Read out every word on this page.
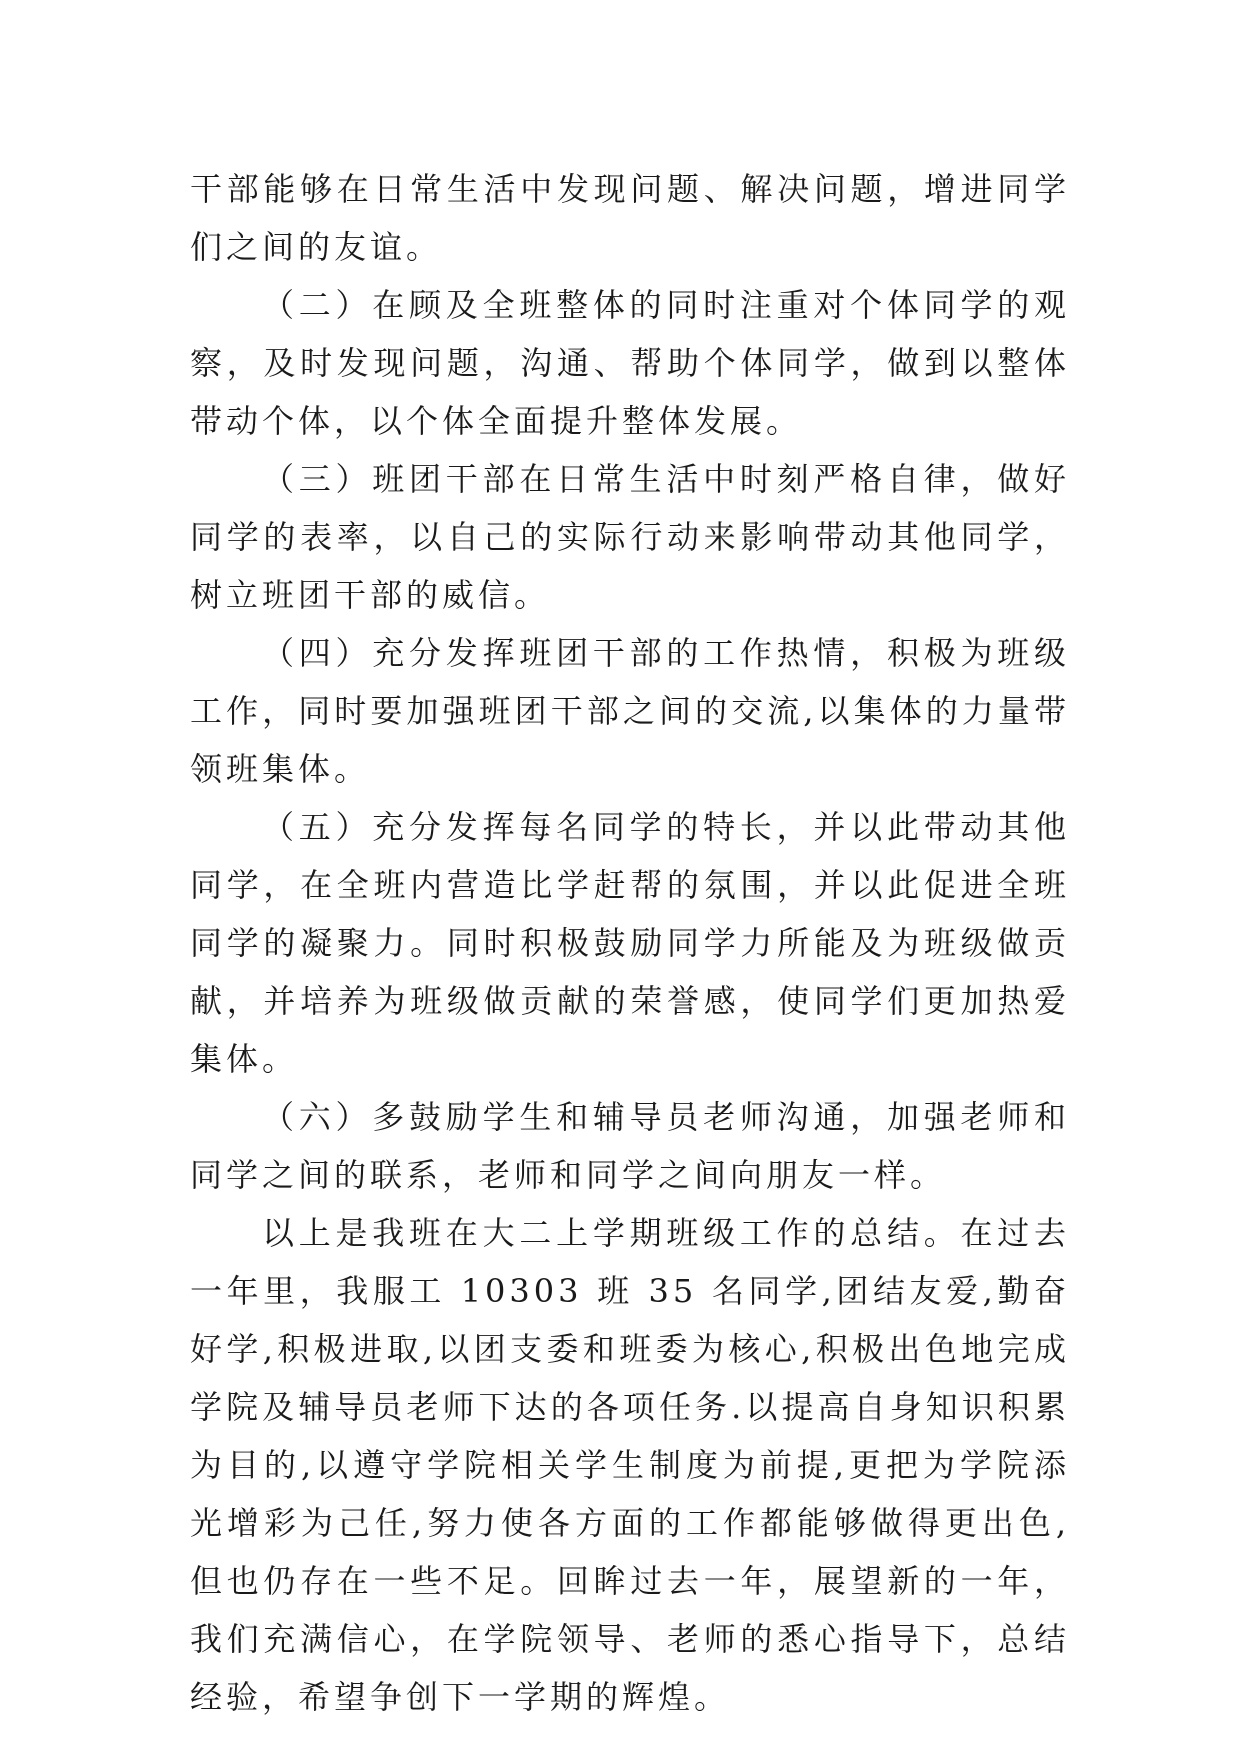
干部能够在日常生活中发现问题、解决问题，增进同学们之间的友谊。

（二）在顾及全班整体的同时注重对个体同学的观察，及时发现问题，沟通、帮助个体同学，做到以整体带动个体，以个体全面提升整体发展。

（三）班团干部在日常生活中时刻严格自律，做好同学的表率，以自己的实际行动来影响带动其他同学，树立班团干部的威信。

（四）充分发挥班团干部的工作热情，积极为班级工作，同时要加强班团干部之间的交流,以集体的力量带领班集体。

（五）充分发挥每名同学的特长，并以此带动其他同学，在全班内营造比学赶帮的氛围，并以此促进全班同学的凝聚力。同时积极鼓励同学力所能及为班级做贡献，并培养为班级做贡献的荣誉感，使同学们更加热爱集体。

（六）多鼓励学生和辅导员老师沟通，加强老师和同学之间的联系，老师和同学之间向朋友一样。

以上是我班在大二上学期班级工作的总结。在过去一年里，我服工 10303 班 35 名同学,团结友爱,勤奋好学,积极进取,以团支委和班委为核心,积极出色地完成学院及辅导员老师下达的各项任务.以提高自身知识积累为目的,以遵守学院相关学生制度为前提,更把为学院添光增彩为己任,努力使各方面的工作都能够做得更出色,但也仍存在一些不足。回眸过去一年，展望新的一年，我们充满信心，在学院领导、老师的悉心指导下，总结经验，希望争创下一学期的辉煌。
